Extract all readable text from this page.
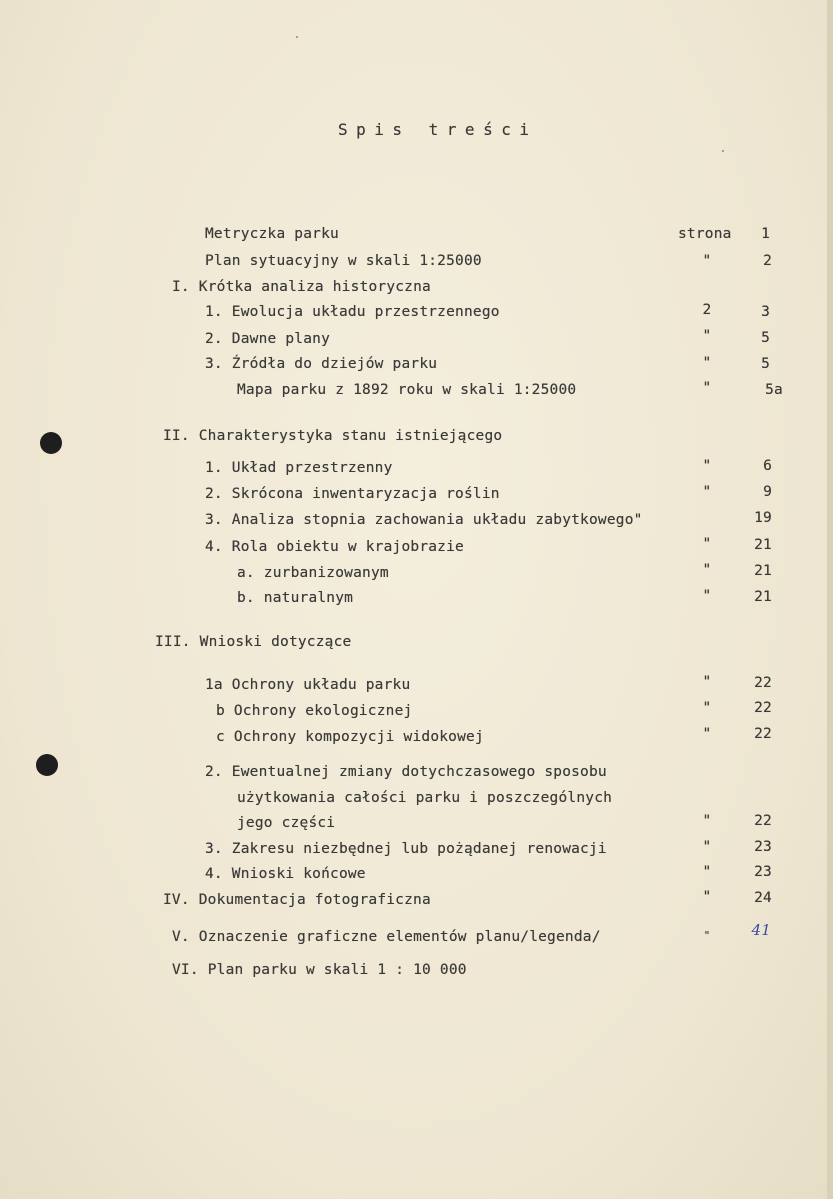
Spis treści
Metryczka parku	strona	1
Plan sytuacyjny w skali 1:25000	"	2
I. Krótka analiza historyczna
1. Ewolucja układu przestrzennego	2	3
2. Dawne plany	"	5
3. Źródła do dziejów parku	"	5
Mapa parku z 1892 roku w skali 1:25000	"	5a
II. Charakterystyka stanu istniejącego
1. Układ przestrzenny	"	6
2. Skrócona inwentaryzacja roślin	"	9
3. Analiza stopnia zachowania układu zabytkowego"	19
4. Rola obiektu w krajobrazie	"	21
a. zurbanizowanym	"	21
b. naturalnym	"	21
III. Wnioski dotyczące
1a Ochrony układu parku	"	22
b Ochrony ekologicznej	"	22
c Ochrony kompozycji widokowej	"	22
2. Ewentualnej zmiany dotychczasowego sposobu
użytkowania całości parku i poszczególnych
jego części	"	22
3. Zakresu niezbędnej lub pożądanej renowacji	"	23
4. Wnioski końcowe	"	23
IV. Dokumentacja fotograficzna	"	24
V. Oznaczenie graficzne elementów planu/legenda/	"	41
VI. Plan parku w skali 1 : 10 000
